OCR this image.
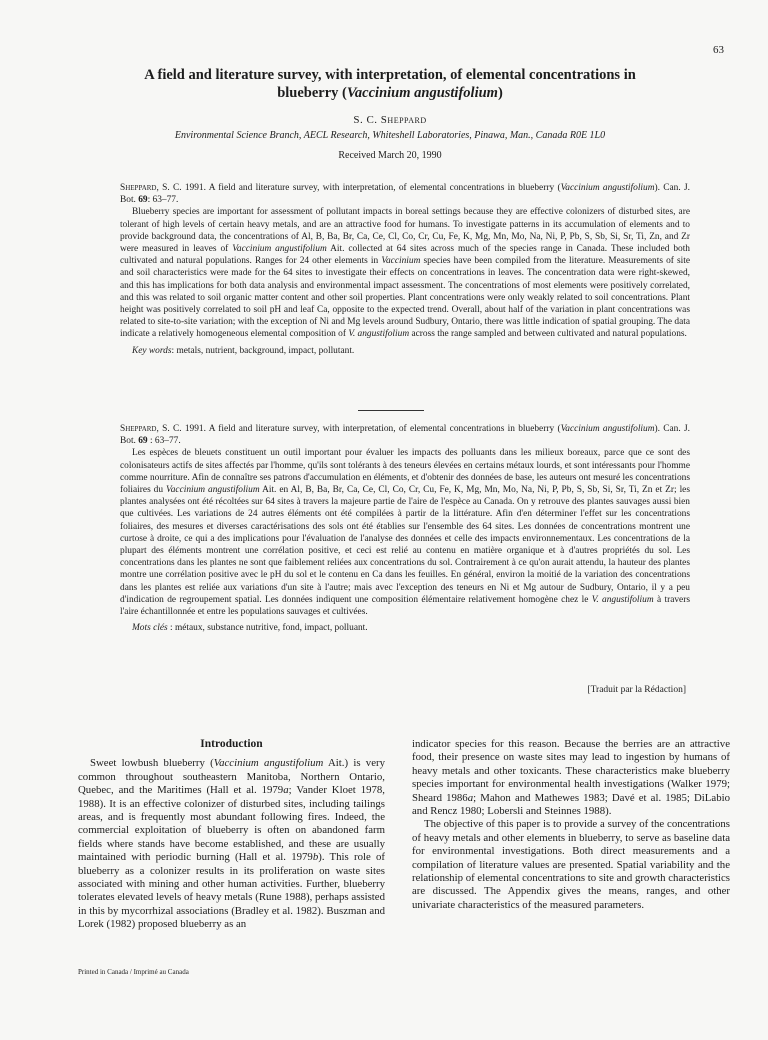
63
A field and literature survey, with interpretation, of elemental concentrations in
blueberry (Vaccinium angustifolium)
S. C. Sheppard
Environmental Science Branch, AECL Research, Whiteshell Laboratories, Pinawa, Man., Canada R0E 1L0
Received March 20, 1990

Sheppard, S. C. 1991. A field and literature survey, with interpretation, of elemental concentrations in blueberry (Vaccinium angustifolium). Can. J. Bot. 69: 63–77.

Blueberry species are important for assessment of pollutant impacts in boreal settings because they are effective colonizers of disturbed sites, are tolerant of high levels of certain heavy metals, and are an attractive food for humans. To investigate patterns in its accumulation of elements and to provide background data, the concentrations of Al, B, Ba, Br, Ca, Ce, Cl, Co, Cr, Cu, Fe, K, Mg, Mn, Mo, Na, Ni, P, Pb, S, Sb, Si, Sr, Ti, Zn, and Zr were measured in leaves of Vaccinium angustifolium Ait. collected at 64 sites across much of the species range in Canada. These included both cultivated and natural populations. Ranges for 24 other elements in Vaccinium species have been compiled from the literature. Measurements of site and soil characteristics were made for the 64 sites to investigate their effects on concentrations in leaves. The concentration data were right-skewed, and this has implications for both data analysis and environmental impact assessment. The concentrations of most elements were positively correlated, and this was related to soil organic matter content and other soil properties. Plant concentrations were only weakly related to soil concentrations. Plant height was positively correlated to soil pH and leaf Ca, opposite to the expected trend. Overall, about half of the variation in plant concentrations was related to site-to-site variation; with the exception of Ni and Mg levels around Sudbury, Ontario, there was little indication of spatial grouping. The data indicate a relatively homogeneous elemental composition of V. angustifolium across the range sampled and between cultivated and natural populations.

Key words: metals, nutrient, background, impact, pollutant.

Sheppard, S. C. 1991. A field and literature survey, with interpretation, of elemental concentrations in blueberry (Vaccinium angustifolium). Can. J. Bot. 69 : 63–77.

Les espèces de bleuets constituent un outil important pour évaluer les impacts des polluants dans les milieux boreaux, parce que ce sont des colonisateurs actifs de sites affectés par l'homme, qu'ils sont tolérants à des teneurs élevées en certains métaux lourds, et sont intéressants pour l'homme comme nourriture. Afin de connaître ses patrons d'accumulation en éléments, et d'obtenir des données de base, les auteurs ont mesuré les concentrations foliaires du Vaccinium angustifolium Ait. en Al, B, Ba, Br, Ca, Ce, Cl, Co, Cr, Cu, Fe, K, Mg, Mn, Mo, Na, Ni, P, Pb, S, Sb, Si, Sr, Ti, Zn et Zr; les plantes analysées ont été récoltées sur 64 sites à travers la majeure partie de l'aire de l'espèce au Canada. On y retrouve des plantes sauvages aussi bien que cultivées. Les variations de 24 autres éléments ont été compilées à partir de la littérature. Afin d'en déterminer l'effet sur les concentrations foliaires, des mesures et diverses caractérisations des sols ont été établies sur l'ensemble des 64 sites. Les données de concentrations montrent une curtose à droite, ce qui a des implications pour l'évaluation de l'analyse des données et celle des impacts environnementaux. Les concentrations de la plupart des éléments montrent une corrélation positive, et ceci est relié au contenu en matière organique et à d'autres propriétés du sol. Les concentrations dans les plantes ne sont que faiblement reliées aux concentrations du sol. Contrairement à ce qu'on aurait attendu, la hauteur des plantes montre une corrélation positive avec le pH du sol et le contenu en Ca dans les feuilles. En général, environ la moitié de la variation des concentrations dans les plantes est reliée aux variations d'un site à l'autre; mais avec l'exception des teneurs en Ni et Mg autour de Sudbury, Ontario, il y a peu d'indication de regroupement spatial. Les données indiquent une composition élémentaire relativement homogène chez le V. angustifolium à travers l'aire échantillonnée et entre les populations sauvages et cultivées.

Mots clés : métaux, substance nutritive, fond, impact, polluant.

[Traduit par la Rédaction]
Introduction

Sweet lowbush blueberry (Vaccinium angustifolium Ait.) is very common throughout southeastern Manitoba, Northern Ontario, Quebec, and the Maritimes (Hall et al. 1979a; Vander Kloet 1978, 1988). It is an effective colonizer of disturbed sites, including tailings areas, and is frequently most abundant following fires. Indeed, the commercial exploitation of blueberry is often on abandoned farm fields where stands have become established, and these are usually maintained with periodic burning (Hall et al. 1979b). This role of blueberry as a colonizer results in its proliferation on waste sites associated with mining and other human activities. Further, blueberry tolerates elevated levels of heavy metals (Rune 1988), perhaps assisted in this by mycorrhizal associations (Bradley et al. 1982). Buszman and Lorek (1982) proposed blueberry as an

indicator species for this reason. Because the berries are an attractive food, their presence on waste sites may lead to ingestion by humans of heavy metals and other toxicants. These characteristics make blueberry species important for environmental health investigations (Walker 1979; Sheard 1986a; Mahon and Mathewes 1983; Davé et al. 1985; DiLabio and Rencz 1980; Lobersli and Steinnes 1988).

The objective of this paper is to provide a survey of the concentrations of heavy metals and other elements in blueberry, to serve as baseline data for environmental investigations. Both direct measurements and a compilation of literature values are presented. Spatial variability and the relationship of elemental concentrations to site and growth characteristics are discussed. The Appendix gives the means, ranges, and other univariate characteristics of the measured parameters.

Printed in Canada / Imprimé au Canada
